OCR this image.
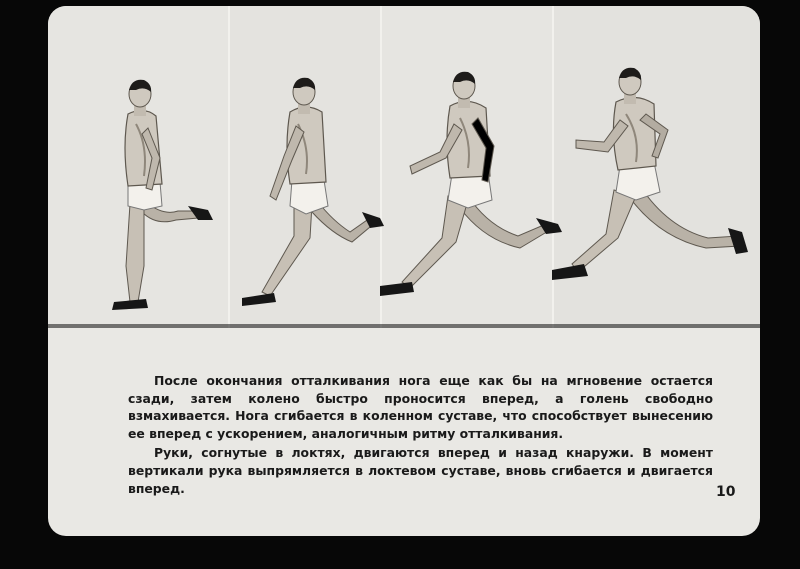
После окончания отталкивания нога еще как бы на мгновение остается сзади, затем колено быстро проносится вперед, а голень свободно взмахивается. Нога сгибается в коленном суставе, что способствует вынесению ее вперед с ускорением, аналогичным ритму отталкивания.

Руки, согнутые в локтях, двигаются вперед и назад кнаружи. В момент вертикали рука выпрямляется в локтевом суставе, вновь сгибается и двигается вперед.	10
